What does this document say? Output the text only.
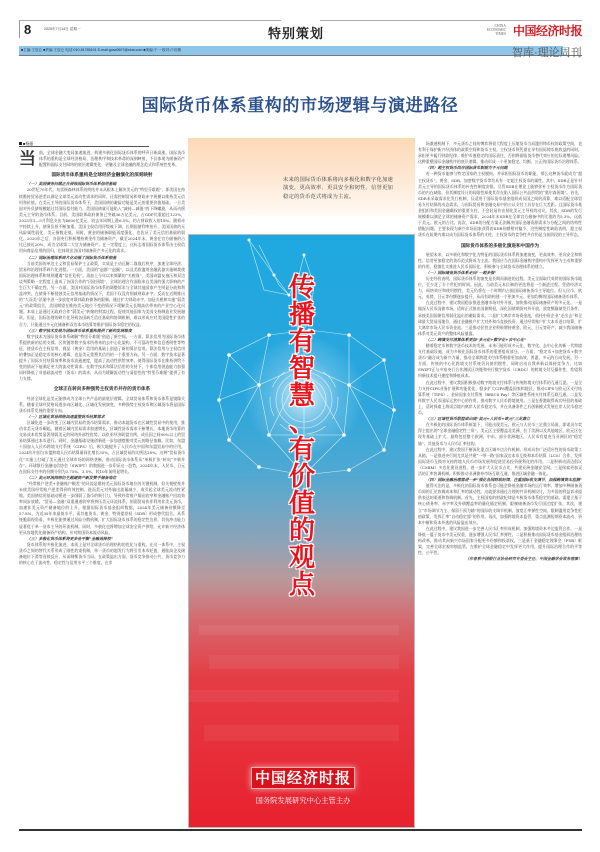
8	2025年7月14日 星期一	特别策划
CHINA
ECONOMIC
TIMES 中国经济时报
■主编:王辰仑 ■责编:王辰仑 电话:010-81785101 E-mail:gusc0607@sina.com ■美编:于一 校对:卢后薇	智库·理论周刊
国际货币体系重构的市场逻辑与演进路径
■杨藤

当前，全球金融大变局加速演进，构建多极化国际货币体系的呼声日新高涨。国际货币体系的重构是全球经济格局、治理秩序和技术革命的深刻映射，不仅体现为储备资产配置和国际支付网络的底层逻辑变化，更触及全球金融的理念范式和系统性变革。

国际货币体系重构是全球经济金融演化的深刻映射

（一）美国债务问题正在侵蚀国际货币体系信用基础

20世纪70年代，布雷顿森林体系的终结并未从根本上解决美元的“特里芬难题”，即美国在持续维持贸易逆差以满足全球美元流动性需求的同时，还需控制贸易和财政赤字规模以维持美元信用和价值。在美元主导的国际货币体系下，美国国债的避险功能是美元的重要价值基础。一旦美国对外负债规模超过其国际偿付能力，美国国债就可能陷入“减持—减值”的下降螺旋，从而动摇美元主导的货币体系。目前，美国联邦政府债务已突破36万亿美元，占GDP比重超过123%，2025年1—5月利息支出为4600亿美元，较去年同期上涨6.5%，约占财政收入的18%。随着赤字持续上升，债务负担不断加重，美国主权信用评级被下调，长期国债利率抬升，美国国债的无风险属性弱化，美元指数走低。同时，黄金的储备职能再度强化，也佐证了美元信用基础的弱化。2020年之后，各国央行积极增持黄金作为储备资产，截至2024年末，黄金在官方储备的占比已接近20%，成为全球第二大官方储备资产。在一定程度上，这标志着国际货币体系由主权信用向商品信用的回归，也体现出各国对储备资产多元化的需求。

（二）国际治理体系碎片化动摇了国际货币体系根基

当前美国的单边主义和贸易保护主义政策，实质是主动瓦解二战战后秩序，加速全球经济、贸易和治理体系碎片化进程。一方面，美国的“退群”“退圈”，以及美欧滥用金融武器实施制裁使国际治理体系和规则遭遇“信任危机”。再加上今年以来频繁的“关税战”，美国向盟友施压和双边谈判策略一定程度上造成了各国合作的“囚徒困境”，全球治理合作面临来自美国的强大影响的产生巨大不确定性。另一方面，美国对国际货币体系的调整诉求与全球其他国家产生明显分歧和利益冲突。在债务不断侵蚀美元信用基础的情况下，美国不仅没有削减财政赤字，反而在近期推出的“大而美”法案中进一步放宽对联邦政府债务的限制。通过扩大财政赤字、加征关税和实施“弱美元”的政策组合，美国期望在维持美元地位不变的情况下缓解美元长期高估带来的产业空心化问题。本质上是通过无政府合作“弱美元”转嫁的财富过程，促使其他国家为美国支持制造业发展融资。但是，国际治理的碎片化导致各国缺乏信任基础和协调机制，难以形成应对美国隐性扩张的合力，只能通过多元化储备和双边本币结算等维护国际货币稳定的权益。

（三）数字技术发展为国际货币体系重构提供了新的发展维度

数字技术为国际货币体系破解“特里芬难题”创造了新空间。一方面，算法信用为国际货币体系提供新的信用支撑。区块链等数字技术所带来的去中心化架构，不可篡改性和信息透明性等特征，使货币在主权信用、商品（黄金）信用的基础上创造了新的算法信用。算法信用与主权信用的叠加正是稳定币的核心逻辑，也是美元重塑其信用的一个重要方向。另一方面，数字技术显著提升了国际支付结算效率和货币流通速度，提高了流动性供给效率，使得国际货币在维持供给不变的情况下能满足更大的流动性需求。在数字技术和算法信用的支持下，个体信用创造能力加强同样降低了对基础流动性（货币）的需求，从而为缓解流动性与清偿性的“特里芬难题”提供了有力支撑。

全球正在转向多种强势主权货币并存的货币体系

经济全球化是美元能够成为全球公共产品的最底层逻辑。全球贸易体系和货币体系是镜像关系。随着全球经贸格局逐步向区域化、区域化发展演变，多种强势主权货币和区域货币将是国际货币体系发展的重要方向。

（一）区域化贸易网络加速重塑货币结算需求

区域化进一步改变了区域内贸易的货币结算需求，推动本地货币在区域性贸易中的使用，推动非美元货币崛起。随着区域内贸易需求加速增长，区域性货币需求不断增长，本地货币结算的交易成本优势显著削弱美元的网络外部性优势。以欧亚经济联盟为例，成员国之间90%以上的贸易结算通过本币进行。同时，金融基础设施创新进一步加速摆脱对美元的路径依赖。比如，东盟十国加入人民币跨境支付系统（CIPS）后，极大地提升了人民币在中国和东盟贸易中的应用。2024年中国与东盟跨境人民币结算量同比增长35%，占区域贸易的比例达28%。这种“贸易货币化”实施上打破了美元通过全球市场的网络垄断，推动国际货币体系从“单极扩张”转向“多极并存”。环球银行金融电信协会（SWIFT）的数据进一步印证这一趋势，2024年末，人民币、日元在国际支付中的份额分别为3.75%、3.5%，较10年前明显增长。

（二）美元环流网络衍生越避资产新发赞手储备地位

“经常账户逆差+金融账户顺差”的环流是维持美元国际货币地位的关键机制。但关税壁垒并未使美国经常账户逆差得到有效控制，进而美元对外输出流量减少，或引起全球美元流动性紧缩。美国债信用基础动摇进一步削弱了货币的吸引力，导致经常账户输出收窄和金融账户回流效率同步放缓。“贸易—金融”双重通道收窄将挤压美元环流体系，削弱贸易伙伴利用非美元货币，加速非美元资产储备地位的上升。根据国际货币基金组织数据，2024年美元储备份额降至57.8%，为近30年来最低水平，而其他货币、黄金、特别提款权（SDR）形成替代组合。从系统脆弱视角看，多极化能够通过风险分散机制，扩大国际货币体系的稳定性边界，其抗冲击能力显著优于单一货币主导的环流机制。同时，多极化也将增加全球安全资产供给，允许新兴经济体更从容地优化储备资产结构，应对跨国资本流动风险。

（三）多极化货币体系将更多会平衡“金融选择权”

货币体系的多极化演进，本质上是对全球货币治理结构的优化与重构。在这一体系中，主权货币之间的替代关系形成了刚性约束机制，单一货币的超发行为将引发本币贬值，通胀高企及储备地位下滑等连锁反应，从而制衡货币当局。在政策溢出方面，货币竞争推动公共，货币竞争力的核心在于流动性、稳定性与信用水平三个维度。在市

未来的国际货币体系将向多极化和数字化加速演变，更高效率、更具安全和韧性、信誉更加稳定的货币范式将成为主流。
传
播
有
智
慧
、
有
价
值
的
观
点
中国经济时报
国务院发展研究中心主管主办

场激速机制下，多元货币之间的博弈将很大程度上压缩货币当局滥用铸币权的政策空间，也有利于保护新兴经济体的政策空间和货币主权。主权货币须凭借在享有国际铸币税收益的同时，承担更多履行财政纪律，维护币值稳定的国际责任，否则将面临货币替代效应的边际递增风险。这种重塑国际金融秩序的底层逻辑，推动形成一个更加稳定、均衡、公正的国际货币治理体系。

（四）超主权货币尚存国际货币职能方不元问题

若一种货币能够与特定国家的主权脱钩，并承担国际货币的职能，那么这种货币就成为“超主权货币”。黄金、SDR、加密数字货币等均具有一定超主权货币的属性。其中，SDR正是针对美元主导的国际货币体系的补充性制度安排。尽管SDR在理论上能够弥补主权货币作为国际货币的内在缺陷，但其制度设计的局限性却使其存在陷入国际公共品供给的“奥尔森困境”。首先，SDR未采取需求化发行机制，仅适用于国际货币基金组织成员国之间的清算，难以适配全球贸易支付结算的动态需求，与国际贸易和金融交易中的公认支付工具存在巨大差距。且国际货币基金组织和美国金融霸权的重要支柱，不会轻易作出削化美元主导权的动议。其次，SDR的发行规模难以满足全球的储备资产需求，2024年末SDR在全球官方储备中的比重约为5.3%，远低于美元、欧元的占比。再次，SDR的分配方案无法解决国际金融资源需求与分配之间的结构性错配问题，主要表现为新兴市场国家获得的SDR份额相对偏少。这些制度性缺陷表明，超主权货币在短期内难以成为国际货币体系的支柱，主权货币的竞争性共存仍是当前阶段的主导形态。

国际货币体系的多极化演进和中国作为

展望未来，以多极化和数字化为特征的国际货币体系将加速演变，更高效率、更具安全和韧性、信誉更加稳定的货币范式将成为主流。我国应当在国际金融秩序重构中发挥更为主动和重要的作用，稳慎扎实推进人民币国际化，积极参与全球货币治理体系的建立。

（一）国际储备货币体系走向“一超多强”

历史经验表明，国际货币体系的演变是长期而渐进的过程。美元全面取代英镑的国际货币地位，至少花了半个世纪的时间。因此，当前美元本位制的更迭将是一个渐进过程。凭借经济实力，网络效应和使用惯性，美元仍将在一个时期内占据国际储备货币主导地位。但人民币、欧元、英镑、日元等份额逐步提升，从而有助构建一个更加多元、更加均衡的国际储备货币体系。

在此过程中，建议我国稳步推进金融市场对外开放，加快推动国际储备资产的多元化。一是做深人民币国债市场，适时正式推出国债期权，深化国债期货对外开放，放宽熊猫债发行条件，承接美国国债信用弱化溢出的避险需求。二是扩大离岸市场资金池，依托中资企业“走出去”和全球最大贸易国地位，通过金融账户扩大对外和币直接投资，通过经常账户扩大本币进口结算，扩大离岸市场人民币资金池。三是推动民营企业积极增持黄金、欧元、日元等资产，减少我国储备体系对美元资产的整体风险暴露。

（二）跨境支付清算体系更加“多元化+数字化+去中心化”

随着稳定币和数字货币技术的发展，未来可能形成多元化、数字化、去中心化的新一代跨境支付基础设施，成为多极化国际货币体系的重要组成部分。一方面，“稳定币+加密货币+数字货币”融合成为新兴力量，推动全球跨境支付体系朝着更加高效、普惠、多元的方向发展。另一方面，传统的中心化跨境支付系统仍具使用惯性，同时启动自我革新以保持竞争力，比如SWIFT正与多家央行合作测试区块链和央行数字货币（CBDC）的跨境支付互操作性，希望利用新技术提升速度和降低成本。

在此过程中，建议我国积极推动数字跨境支付体系与传统跨境支付体系的互通互促。一是全力支持CIPS业务扩展和功能优化，稳步扩大CIPS覆盖国家和地区，推动CIPS与欧元区支付结算系统（TIPS）、金砖国家支付系统（BRICS Pay）等区域性系统支付体系互联互通。二是发挥数字人民币国际运营中心的作用，推动数字人民币跨境使用。三是在香港取得成功经验的基础上，适时探索上海试点境内离岸人民币稳定币，并在具备条件之后创新模式发展在岸人民币稳定币。

（三）区域性货币联盟或出现“美元+人民币+欧元”三足鼎立

在多极化的国际货币体系框架下，可能出现美元、欧元与人民币三足鼎立局面，即诺贝尔奖得主提出的“全球金融稳定性三角”。美元区主要覆盖北美洲、拉丁美洲以及其他地区，欧元区在现有基础上扩大，最终包括整个欧洲、中东、部分非洲地区，人民币有望充当亚洲区的“稳定锚”，其他货币与人民币汇率挂钩。

在此过程中，建议我国不断深化重点区域多边合作机制，形成具有广泛适应性的货币政策工具箱。一是推进央行间尤其是共建“一带一路”国家双边本币互换和本币结算（LCS）合作，发挥国际货币互换对支持跨境人民币市场发展和促进贸易投资便利化的作用。二是积极动清迈倡议（CMIM）多边化建设进程，进一步扩大人民币占比，共建亚洲金融安全网。三是探索更加灵活的汇率协调机制，积极推动亚洲债券市场互联互通，推进区域金融一体化。

（四）国际金融治理需进一步“强化各国财政纪律，注重国际收支调节，加强跨境资本监测”

值得关注的是，多极化的国际货币体系也可能会降低金融市场的运行效率，增加多种储备货币间的汇兑协调成本和汇率的波动性。这就要求通过合理的共识机制设计，为多国的利益诉求提供表达的渠道和协调机制。首先，主权国家的财政纪律是多极货币体系稳定的基础，需建立基于核心债务率、赤字率及外债覆盖率的量化锚定机制，限制储备货币发行国过度扩张。其次，建立“市场调节为主、保留干预为辅”的国际收支调节机制，放宽汇率弹性空间，限制滥用竞争性贬值政策，发挥汇率“自动稳定器”的作用。再次，加强跨境资本监管，重点监测短期资本流动、资本中断和资本外逃的风险溢出效应。

在此过程中，建议我国进一步完善人民币汇率形成机制，加强跨境资本多边监管合作。一是降低一篮子货币中美元权重，逐步增强人民币汇率弹性。二是积极推动国际货币基金组织治理结构改革，推动其向新兴市场国家分配更多份额和投票权。三是基于金融稳定理事会（FSB）框架，完善全球宏观审慎监管，在维护全球金融稳定中发挥更大作用，提升国际治理合作的平等性、公平性。

（作者系中国银行业协会研究专委会主任、中国金融学会常务理事）
